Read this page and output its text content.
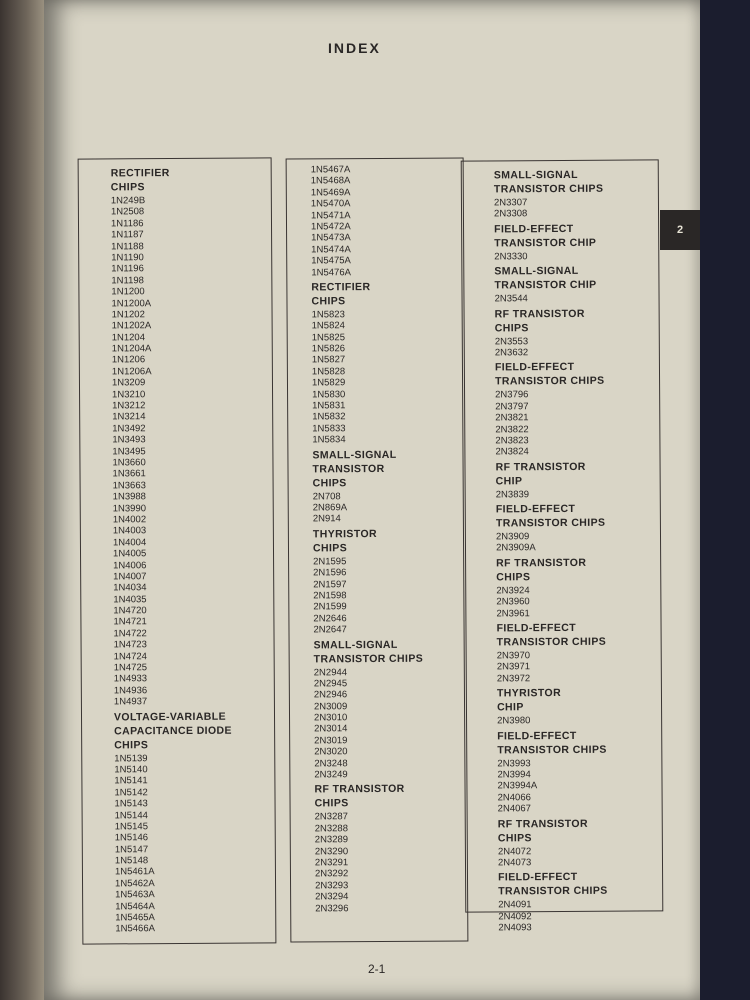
INDEX
2
RECTIFIER
CHIPS
1N249B
1N2508
1N1186
1N1187
1N1188
1N1190
1N1196
1N1198
1N1200
1N1200A
1N1202
1N1202A
1N1204
1N1204A
1N1206
1N1206A
1N3209
1N3210
1N3212
1N3214
1N3492
1N3493
1N3495
1N3660
1N3661
1N3663
1N3988
1N3990
1N4002
1N4003
1N4004
1N4005
1N4006
1N4007
1N4034
1N4035
1N4720
1N4721
1N4722
1N4723
1N4724
1N4725
1N4933
1N4936
1N4937
VOLTAGE-VARIABLE
CAPACITANCE DIODE
CHIPS
1N5139
1N5140
1N5141
1N5142
1N5143
1N5144
1N5145
1N5146
1N5147
1N5148
1N5461A
1N5462A
1N5463A
1N5464A
1N5465A
1N5466A
1N5467A
1N5468A
1N5469A
1N5470A
1N5471A
1N5472A
1N5473A
1N5474A
1N5475A
1N5476A
RECTIFIER
CHIPS
1N5823
1N5824
1N5825
1N5826
1N5827
1N5828
1N5829
1N5830
1N5831
1N5832
1N5833
1N5834
SMALL-SIGNAL
TRANSISTOR
CHIPS
2N708
2N869A
2N914
THYRISTOR
CHIPS
2N1595
2N1596
2N1597
2N1598
2N1599
2N2646
2N2647
SMALL-SIGNAL
TRANSISTOR CHIPS
2N2944
2N2945
2N2946
2N3009
2N3010
2N3014
2N3019
2N3020
2N3248
2N3249
RF TRANSISTOR
CHIPS
2N3287
2N3288
2N3289
2N3290
2N3291
2N3292
2N3293
2N3294
2N3296
SMALL-SIGNAL
TRANSISTOR CHIPS
2N3307
2N3308
FIELD-EFFECT
TRANSISTOR CHIP
2N3330
SMALL-SIGNAL
TRANSISTOR CHIP
2N3544
RF TRANSISTOR
CHIPS
2N3553
2N3632
FIELD-EFFECT
TRANSISTOR CHIPS
2N3796
2N3797
2N3821
2N3822
2N3823
2N3824
RF TRANSISTOR
CHIP
2N3839
FIELD-EFFECT
TRANSISTOR CHIPS
2N3909
2N3909A
RF TRANSISTOR
CHIPS
2N3924
2N3960
2N3961
FIELD-EFFECT
TRANSISTOR CHIPS
2N3970
2N3971
2N3972
THYRISTOR
CHIP
2N3980
FIELD-EFFECT
TRANSISTOR CHIPS
2N3993
2N3994
2N3994A
2N4066
2N4067
RF TRANSISTOR
CHIPS
2N4072
2N4073
FIELD-EFFECT
TRANSISTOR CHIPS
2N4091
2N4092
2N4093
2-1
